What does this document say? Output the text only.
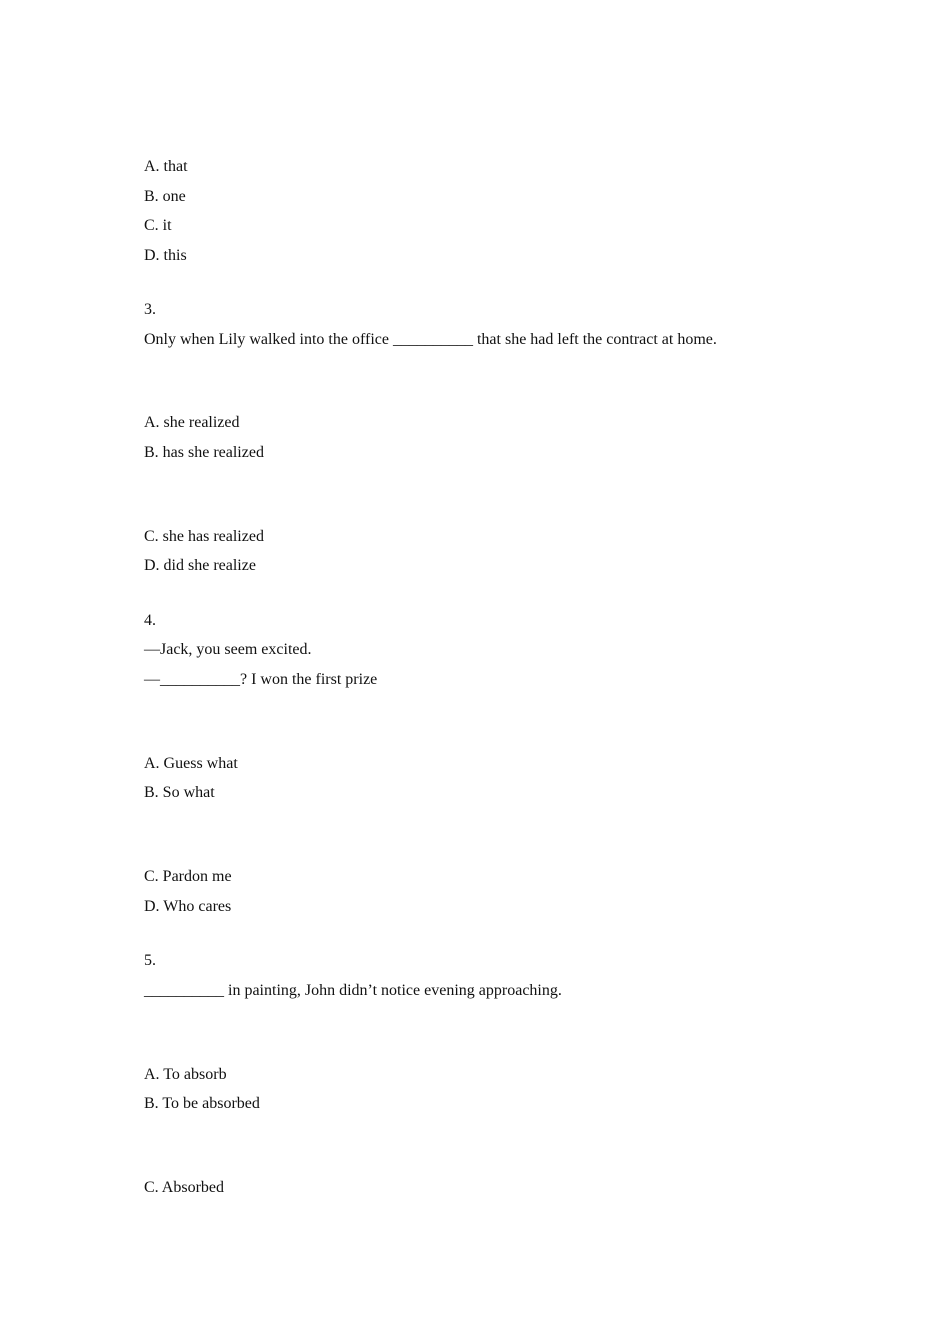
A. that
B. one
C. it
D. this
3.
Only when Lily walked into the office __________ that she had left the contract at home.
A. she realized
B. has she realized
C. she has realized
D. did she realize
4.
—Jack, you seem excited.
—__________? I won the first prize
A. Guess what
B. So what
C. Pardon me
D. Who cares
5.
__________ in painting, John didn’t notice evening approaching.
A. To absorb
B. To be absorbed
C. Absorbed
